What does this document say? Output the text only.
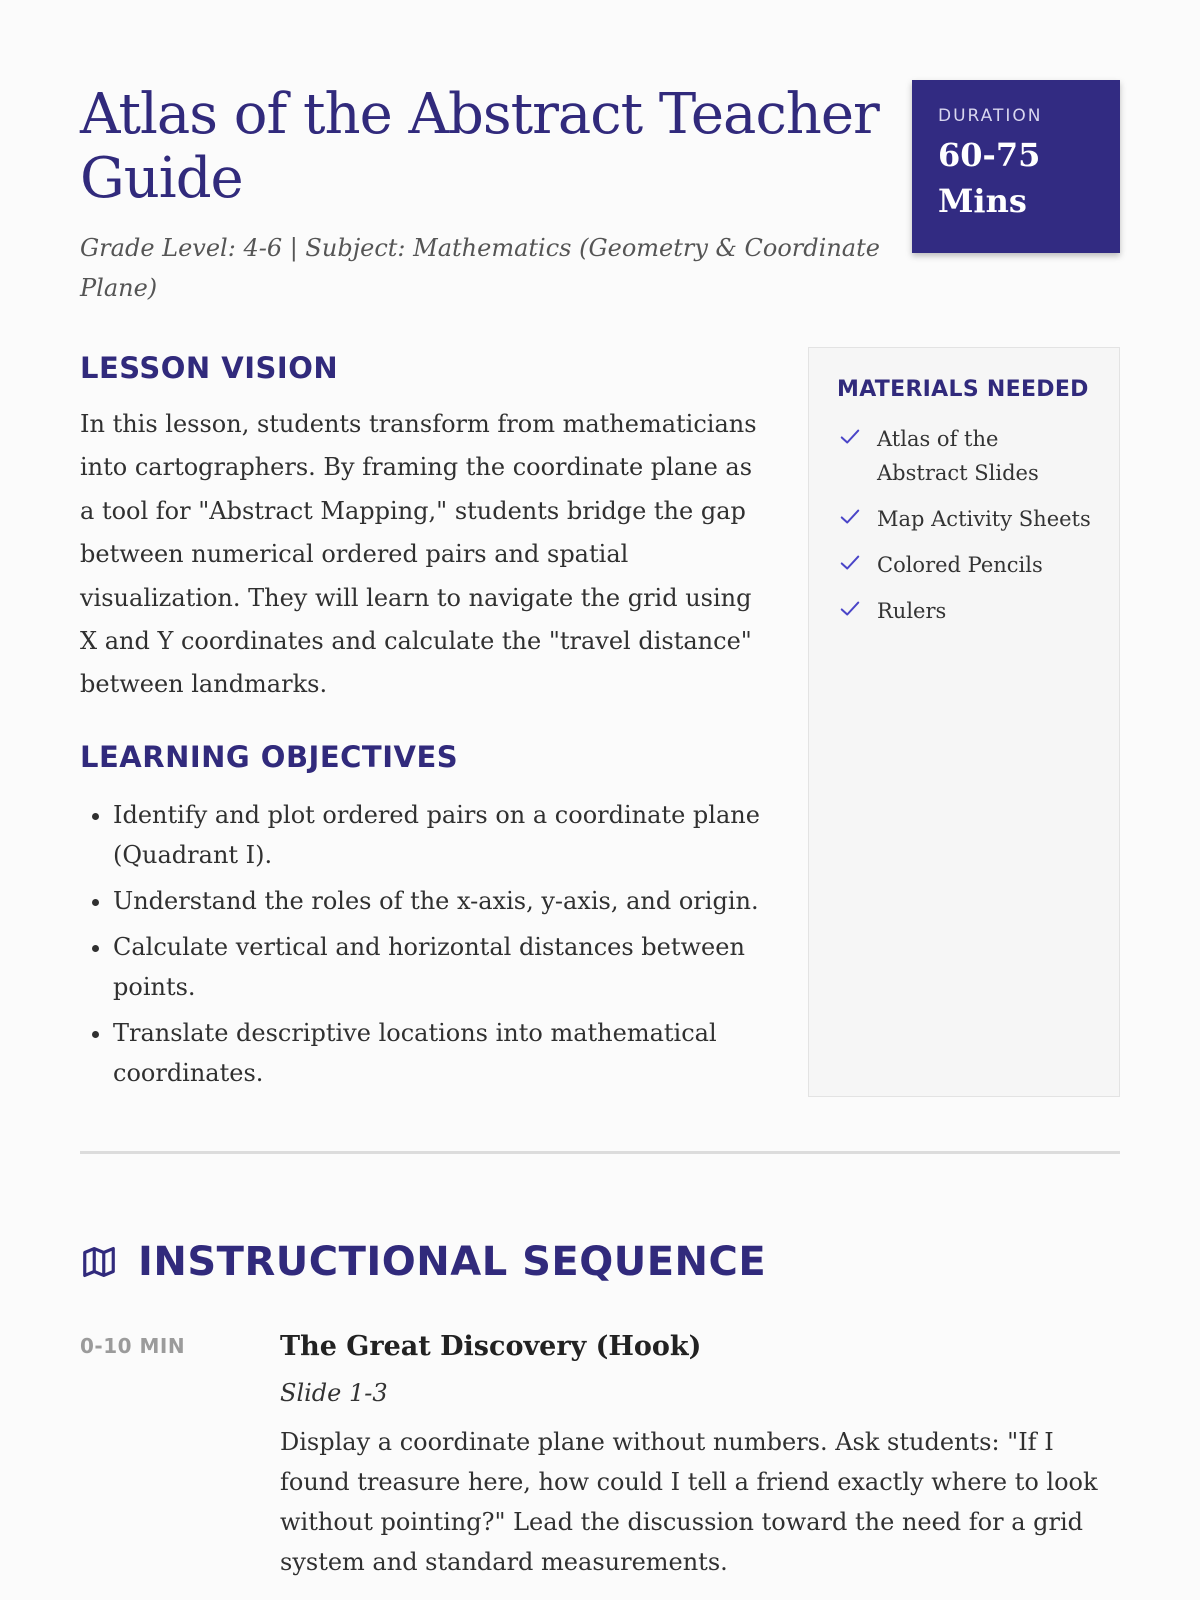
Atlas of the Abstract Teacher Guide

Grade Level: 4-6 | Subject: Mathematics (Geometry & Coordinate Plane)

DURATION
60-75
Mins
LESSON VISION

In this lesson, students transform from mathematicians into cartographers. By framing the coordinate plane as a tool for "Abstract Mapping," students bridge the gap between numerical ordered pairs and spatial visualization. They will learn to navigate the grid using X and Y coordinates and calculate the "travel distance" between landmarks.

LEARNING OBJECTIVES
• Identify and plot ordered pairs on a coordinate plane (Quadrant I).
• Understand the roles of the x-axis, y-axis, and origin.
• Calculate vertical and horizontal distances between points.
• Translate descriptive locations into mathematical coordinates.
MATERIALS NEEDED
Atlas of the Abstract Slides
Map Activity Sheets
Colored Pencils
Rulers
INSTRUCTIONAL SEQUENCE
0-10 MIN	The Great Discovery (Hook)

Slide 1-3

Display a coordinate plane without numbers. Ask students: "If I found treasure here, how could I tell a friend exactly where to look without pointing?" Lead the discussion toward the need for a grid system and standard measurements.
